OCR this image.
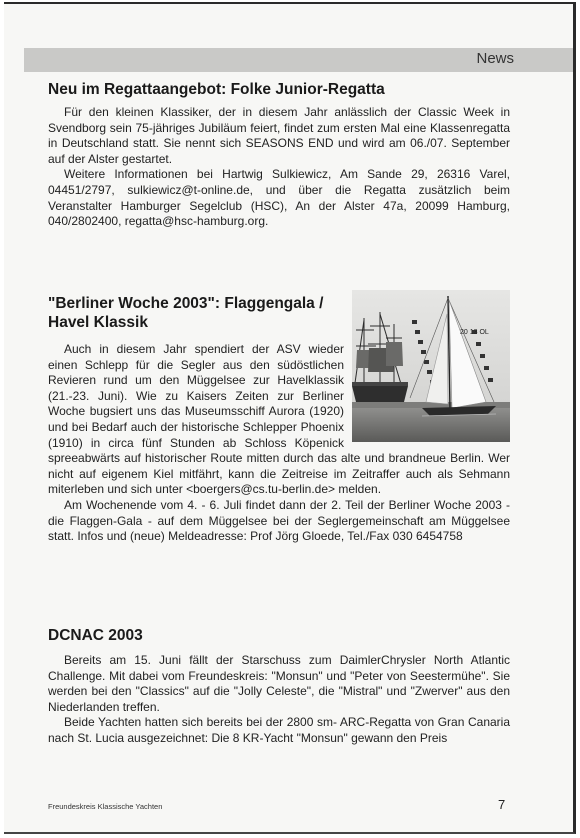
News
Neu im Regattaangebot: Folke Junior-Regatta

Für den kleinen Klassiker, der in diesem Jahr anlässlich der Classic Week in Svendborg sein 75-jähriges Jubiläum feiert, findet zum ersten Mal eine Klassenregatta in Deutschland statt. Sie nennt sich SEASONS END und wird am 06./07. September auf der Alster gestartet.

Weitere Informationen bei Hartwig Sulkiewicz, Am Sande 29, 26316 Varel, 04451/2797, sulkiewicz@t-online.de, und über die Regatta zusätzlich beim Veranstalter Hamburger Segelclub (HSC), An der Alster 47a, 20099 Hamburg, 040/2802400, regatta@hsc-hamburg.org.

"Berliner Woche 2003": Flaggengala / Havel Klassik
20 13 OL

Auch in diesem Jahr spendiert der ASV wieder einen Schlepp für die Segler aus den südöstlichen Revieren rund um den Müggelsee zur Havelklassik (21.-23. Juni). Wie zu Kaisers Zeiten zur Berliner Woche bugsiert uns das Museumsschiff Aurora (1920) und bei Bedarf auch der historische Schlepper Phoenix (1910) in circa fünf Stunden ab Schloss Köpenick spreeabwärts auf historischer Route mitten durch das alte und brandneue Berlin. Wer nicht auf eigenem Kiel mitfährt, kann die Zeitreise im Zeitraffer auch als Sehmann miterleben und sich unter <boergers@cs.tu-berlin.de> melden.

Am Wochenende vom 4. - 6. Juli findet dann der 2. Teil der Berliner Woche 2003 - die Flaggen-Gala - auf dem Müggelsee bei der Seglergemeinschaft am Müggelsee statt. Infos und (neue) Meldeadresse: Prof Jörg Gloede, Tel./Fax 030 6454758

DCNAC 2003

Bereits am 15. Juni fällt der Starschuss zum DaimlerChrysler North Atlantic Challenge. Mit dabei vom Freundeskreis: "Monsun" und "Peter von Seestermühe". Sie werden bei den "Classics" auf die "Jolly Celeste", die "Mistral" und "Zwerver" aus den Niederlanden treffen.

Beide Yachten hatten sich bereits bei der 2800 sm- ARC-Regatta von Gran Canaria nach St. Lucia ausgezeichnet: Die 8 KR-Yacht "Monsun" gewann den Preis

Freundeskreis Klassische Yachten	7
